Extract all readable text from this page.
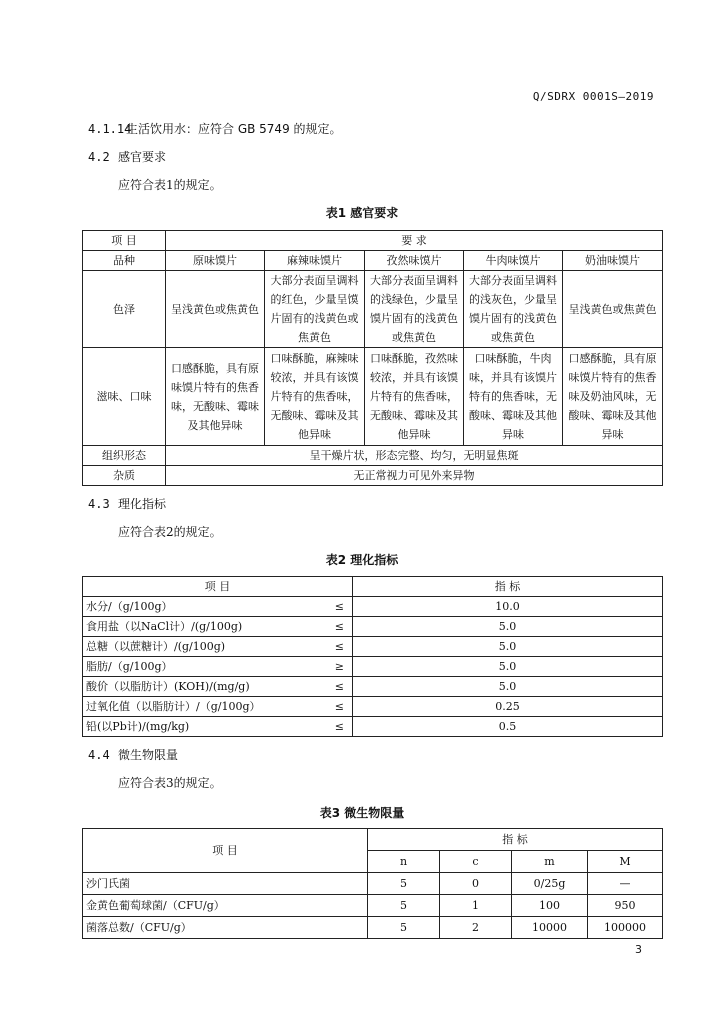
Q/SDRX 0001S—2019
4.1.14生活饮用水：应符合 GB 5749 的规定。
4.2 感官要求
应符合表1的规定。
表1 感官要求
项 目	要 求				
品种	原味馍片	麻辣味馍片	孜然味馍片	牛肉味馍片	奶油味馍片
色泽	呈浅黄色或焦黄色	大部分表面呈调料的红色，少量呈馍片固有的浅黄色或焦黄色	大部分表面呈调料的浅绿色，少量呈馍片固有的浅黄色或焦黄色	大部分表面呈调料的浅灰色，少量呈馍片固有的浅黄色或焦黄色	呈浅黄色或焦黄色
滋味、口味	口感酥脆，具有原味馍片特有的焦香味，无酸味、霉味及其他异味	口味酥脆，麻辣味较浓，并具有该馍片特有的焦香味，无酸味、霉味及其他异味	口味酥脆，孜然味较浓，并具有该馍片特有的焦香味，无酸味、霉味及其他异味	口味酥脆，牛肉味，并具有该馍片特有的焦香味，无酸味、霉味及其他异味	口感酥脆，具有原味馍片特有的焦香味及奶油风味，无酸味、霉味及其他异味
组织形态	呈干燥片状，形态完整、均匀，无明显焦斑				
杂质	无正常视力可见外来异物				
4.3 理化指标
应符合表2的规定。
表2 理化指标
项 目		指 标
水分/（g/100g）	≤	10.0
食用盐（以NaCl计）/(g/100g)	≤	5.0
总糖（以蔗糖计）/(g/100g)	≤	5.0
脂肪/（g/100g）	≥	5.0
酸价（以脂肪计）(KOH)/(mg/g)	≤	5.0
过氧化值（以脂肪计）/（g/100g）	≤	0.25
铅(以Pb计)/(mg/kg)	≤	0.5
4.4 微生物限量
应符合表3的规定。
表3 微生物限量
项 目	指 标			
	n	c	m	M
沙门氏菌	5	0	0/25g	—
金黄色葡萄球菌/（CFU/g）	5	1	100	950
菌落总数/（CFU/g）	5	2	10000	100000
3
